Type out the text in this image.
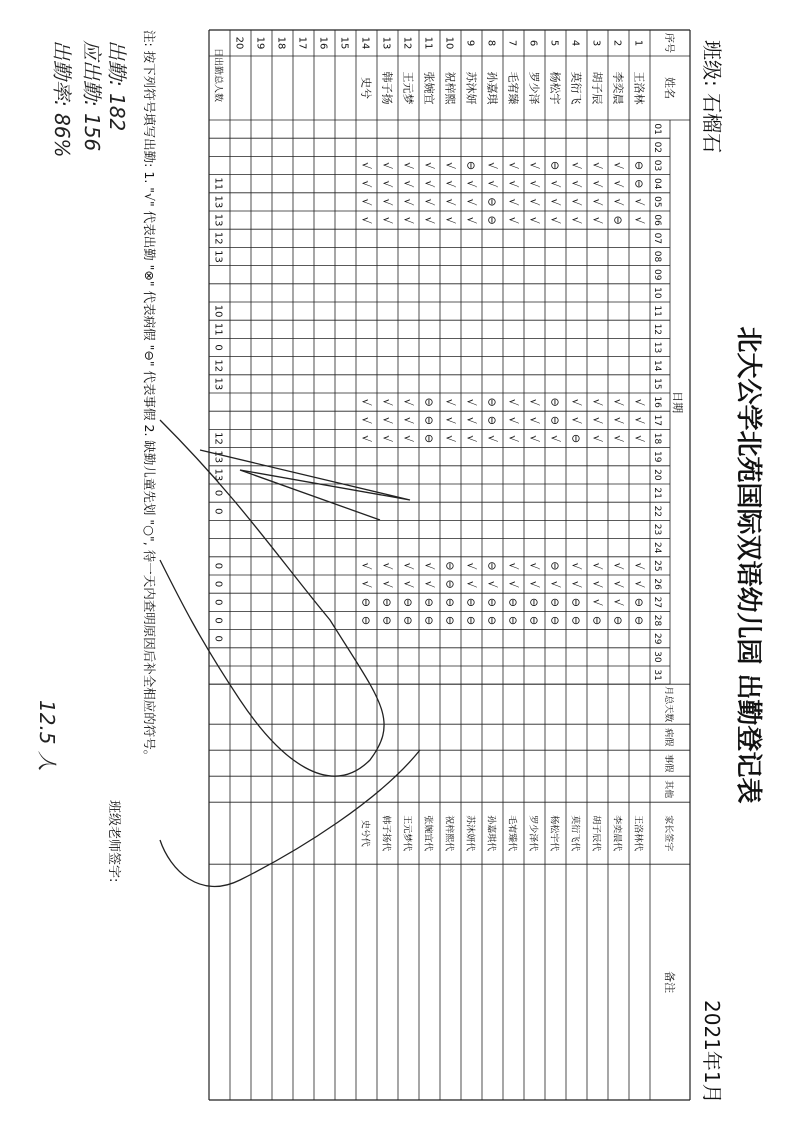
北大公学北苑国际双语幼儿园 出勤登记表
班级: 石榴石
2021年1月
月总天数
病假
事假
其他
家长签字
备注
序号
姓名
日期
01
02
03
04
05
06
07
08
09
10
11
12
13
14
15
16
17
18
19
20
21
22
23
24
25
26
27
28
29
30
31
1
王洛林
王洛林代
⊖
⊖
√
√
√
√
√
√
√
⊖
⊖
2
李奕晨
李奕晨代
√
√
√
⊖
√
√
√
√
√
√
⊖
3
胡子辰
胡子辰代
√
√
√
√
√
√
√
√
√
√
⊖
4
莫衍飞
莫衍飞代
√
√
√
√
√
√
⊖
√
√
⊖
⊖
5
杨松宇
杨松宇代
⊖
√
√
√
⊖
⊖
√
⊖
√
⊖
⊖
6
罗少泽
罗少泽代
√
√
√
√
√
√
√
√
√
⊖
⊖
7
毛宥臻
毛宥臻代
√
√
√
√
√
√
√
√
√
⊖
⊖
8
孙嘉琪
孙嘉琪代
√
√
⊖
⊖
⊖
⊖
√
⊖
√
⊖
⊖
9
苏沐妍
苏沐妍代
⊖
√
√
√
√
√
√
√
√
⊖
⊖
10
祝梓熙
祝梓熙代
√
√
√
√
√
√
√
⊖
⊖
⊖
⊖
11
张婉宜
张婉宜代
√
√
√
√
⊖
⊖
⊖
√
√
⊖
⊖
12
王元梦
王元梦代
√
√
√
√
√
√
√
√
√
⊖
⊖
13
韩子扬
韩子扬代
√
√
√
√
√
√
√
√
√
⊖
⊖
14
史兮
史兮代
√
√
√
√
√
√
√
√
√
⊖
⊖
15
16
17
18
19
20
日出勤总人数
11
13
13
12
13
10
11
0
12
13
12
13
13
0
0
0
0
0
0
0
注: 按下列符号填写出勤: 1. "√" 代表出勤 "⊗" 代表病假 "⊖" 代表事假 2. 缺勤儿童先划 "○", 待一天内查明原因后补全相应的符号。
班级老师签字:
应出勤: 156 出勤: 182
出勤率: 86%
12.5 人
